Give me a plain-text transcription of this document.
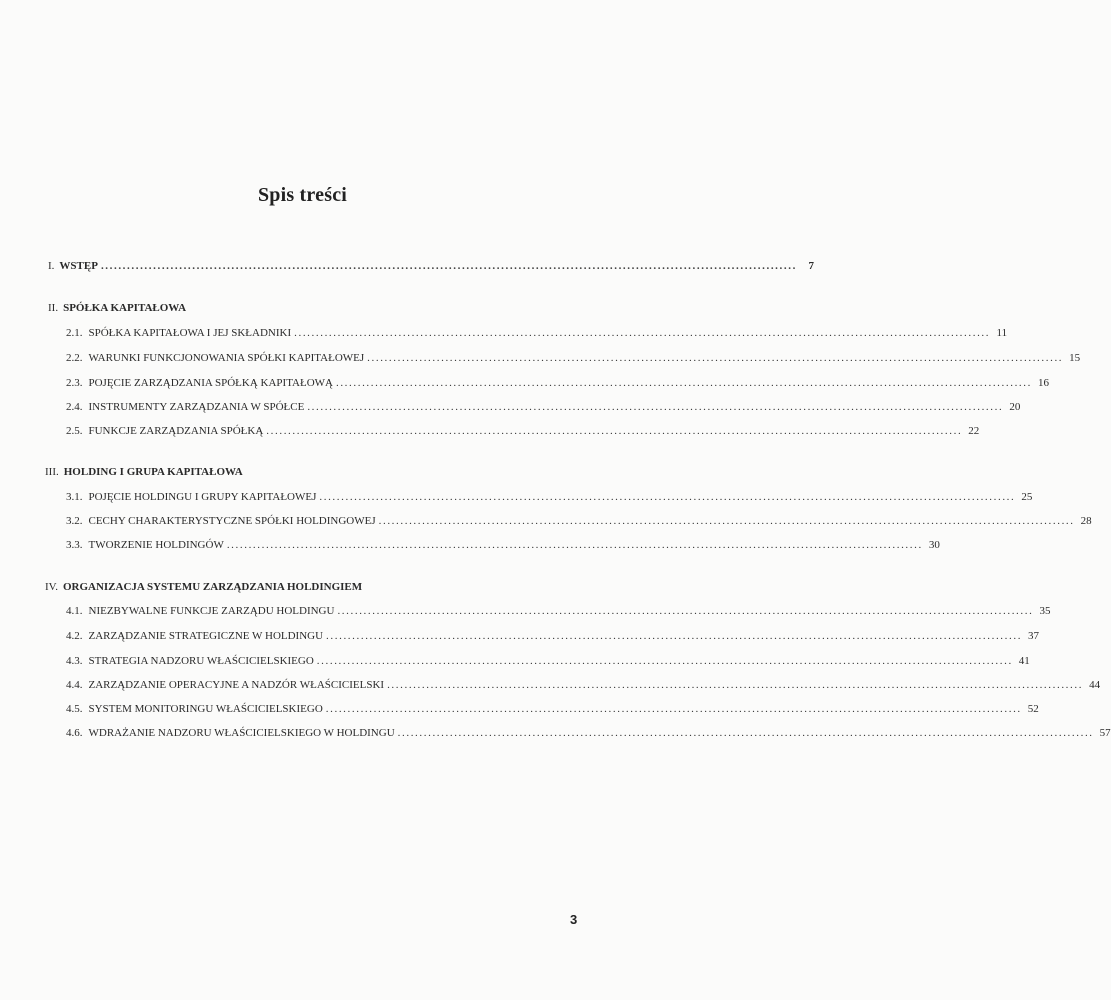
Spis treści
I. WSTĘP ................................................................................................................................................................	7
II. SPÓŁKA KAPITAŁOWA
2.1. SPÓŁKA KAPITAŁOWA I JEJ SKŁADNIKI ................................................................................................................................................................ 11
2.2. WARUNKI FUNKCJONOWANIA SPÓŁKI KAPITAŁOWEJ ................................................................................................................................................................ 15
2.3. POJĘCIE ZARZĄDZANIA SPÓŁKĄ KAPITAŁOWĄ ................................................................................................................................................................ 16
2.4. INSTRUMENTY ZARZĄDZANIA W SPÓŁCE ................................................................................................................................................................ 20
2.5. FUNKCJE ZARZĄDZANIA SPÓŁKĄ ................................................................................................................................................................ 22
III. HOLDING I GRUPA KAPITAŁOWA
3.1. POJĘCIE HOLDINGU I GRUPY KAPITAŁOWEJ ................................................................................................................................................................ 25
3.2. CECHY CHARAKTERYSTYCZNE SPÓŁKI HOLDINGOWEJ ................................................................................................................................................................ 28
3.3. TWORZENIE HOLDINGÓW ................................................................................................................................................................ 30
IV. ORGANIZACJA SYSTEMU ZARZĄDZANIA HOLDINGIEM
4.1. NIEZBYWALNE FUNKCJE ZARZĄDU HOLDINGU ................................................................................................................................................................ 35
4.2. ZARZĄDZANIE STRATEGICZNE W HOLDINGU ................................................................................................................................................................ 37
4.3. STRATEGIA NADZORU WŁAŚCICIELSKIEGO ................................................................................................................................................................ 41
4.4. ZARZĄDZANIE OPERACYJNE A NADZÓR WŁAŚCICIELSKI ................................................................................................................................................................ 44
4.5. SYSTEM MONITORINGU WŁAŚCICIELSKIEGO ................................................................................................................................................................ 52
4.6. WDRAŻANIE NADZORU WŁAŚCICIELSKIEGO W HOLDINGU ................................................................................................................................................................ 57
3
